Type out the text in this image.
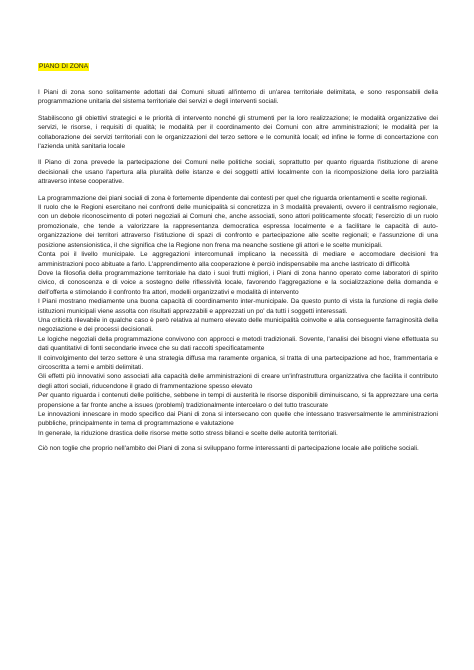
PIANO DI ZONA

I Piani di zona sono solitamente adottati dai Comuni situati all'interno di un'area territoriale delimitata, e sono responsabili della programmazione unitaria del sistema territoriale dei servizi e degli interventi sociali.

Stabiliscono gli obiettivi strategici e le priorità di intervento nonché gli strumenti per la loro realizzazione; le modalità organizzative dei servizi, le risorse, i requisiti di qualità; le modalità per il coordinamento dei Comuni con altre amministrazioni; le modalità per la collaborazione dei servizi territoriali con le organizzazioni del terzo settore e le comunità locali; ed infine le forme di concertazione con l'azienda unità sanitaria locale

Il Piano di zona prevede la partecipazione dei Comuni nelle politiche sociali, soprattutto per quanto riguarda l'istituzione di arene decisionali che usano l'apertura alla pluralità delle istanze e dei soggetti attivi localmente con la ricomposizione della loro parzialità attraverso intese cooperative.

La programmazione dei piani sociali di zona è fortemente dipendente dai contesti per quel che riguarda orientamenti e scelte regionali.

Il ruolo che le Regioni esercitano nei confronti delle municipalità si concretizza in 3 modalità prevalenti, ovvero il centralismo regionale, con un debole riconoscimento di poteri negoziali ai Comuni che, anche associati, sono attori politicamente sfocati; l'esercizio di un ruolo promozionale, che tende a valorizzare la rappresentanza democratica espressa localmente e a facilitare le capacità di auto-organizzazione dei territori attraverso l'istituzione di spazi di confronto e partecipazione alle scelte regionali; e l'assunzione di una posizione astensionistica, il che significa che la Regione non frena ma neanche sostiene gli attori e le scelte municipali.

Conta poi il livello municipale. Le aggregazioni intercomunali implicano la necessità di mediare e accomodare decisioni fra amministrazioni poco abituate a farlo. L'apprendimento alla cooperazione è perciò indispensabile ma anche lastricato di difficoltà

Dove la filosofia della programmazione territoriale ha dato i suoi frutti migliori, i Piani di zona hanno operato come laboratori di spirito civico, di conoscenza e di voice a sostegno delle riflessività locale, favorendo l'aggregazione e la socializzazione della domanda e dell'offerta e stimolando il confronto fra attori, modelli organizzativi e modalità di intervento

I Piani mostrano mediamente una buona capacità di coordinamento inter-municipale. Da questo punto di vista la funzione di regia delle istituzioni municipali viene assolta con risultati apprezzabili e apprezzati un po' da tutti i soggetti interessati.

Una criticità rilevabile in qualche caso è però relativa al numero elevato delle municipalità coinvolte e alla conseguente farraginosità della negoziazione e dei processi decisionali.

Le logiche negoziali della programmazione convivono con approcci e metodi tradizionali. Sovente, l'analisi dei bisogni viene effettuata su dati quantitativi di fonti secondarie invece che su dati raccolti specificatamente

Il coinvolgimento del terzo settore è una strategia diffusa ma raramente organica, si tratta di una partecipazione ad hoc, frammentaria e circoscritta a temi e ambiti delimitati.

Gli effetti più innovativi sono associati alla capacità delle amministrazioni di creare un'infrastruttura organizzativa che facilita il contributo degli attori sociali, riducendone il grado di frammentazione spesso elevato

Per quanto riguarda i contenuti delle politiche, sebbene in tempi di austerità le risorse disponibili diminuiscano, si fa apprezzare una certa propensione a far fronte anche a issues (problemi) tradizionalmente intercelaro o del tutto trascurate

Le innovazioni innescare in modo specifico dai Piani di zona si intersecano con quelle che intessano trasversalmente le amministrazioni pubbliche, principalmente in tema di programmazione e valutazione

In generale, la riduzione drastica delle risorse mette sotto stress bilanci e scelte delle autorità territoriali.

Ciò non toglie che proprio nell'ambito dei Piani di zona si sviluppano forme interessanti di partecipazione locale alle politiche sociali.
